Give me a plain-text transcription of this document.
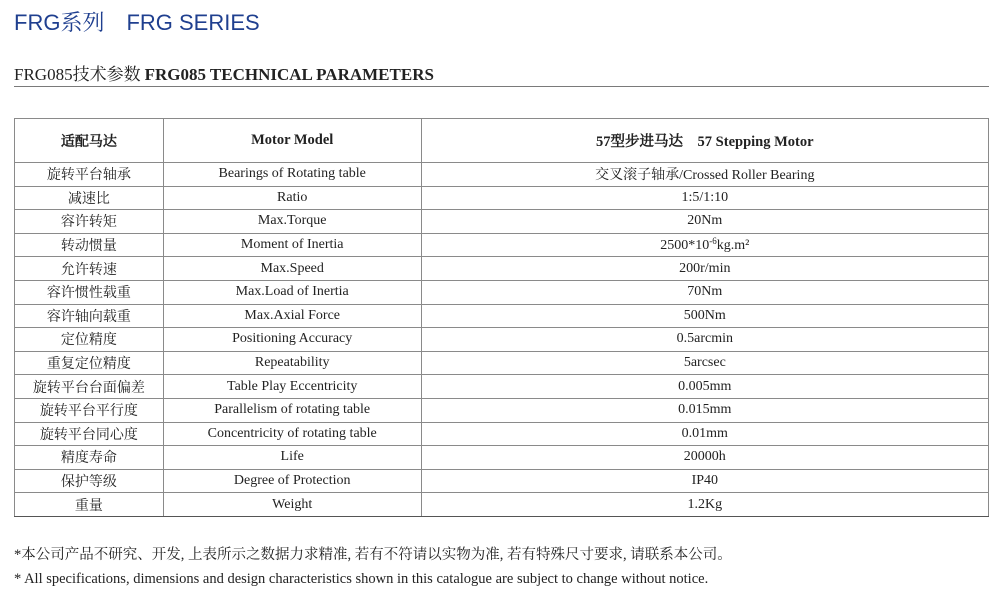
FRG系列 FRG SERIES
FRG085技术参数 FRG085 TECHNICAL PARAMETERS
适配马达	Motor Model	57型步进马达　57 Stepping Motor
旋转平台轴承	Bearings of Rotating table	交叉滚子轴承/Crossed Roller Bearing
减速比	Ratio	1:5/1:10
容许转矩	Max.Torque	20Nm
转动惯量	Moment of Inertia	$2500*10^{-6}kg.m^2$
允许转速	Max.Speed	200r/min
容许惯性载重	Max.Load of Inertia	70Nm
容许轴向载重	Max.Axial Force	500Nm
定位精度	Positioning Accuracy	0.5arcmin
重复定位精度	Repeatability	5arcsec
旋转平台台面偏差	Table Play Eccentricity	0.005mm
旋转平台平行度	Parallelism of rotating table	0.015mm
旋转平台同心度	Concentricity of rotating table	0.01mm
精度寿命	Life	20000h
保护等级	Degree of Protection	IP40
重量	Weight	1.2Kg
*本公司产品不研究、开发, 上表所示之数据力求精准, 若有不符请以实物为准, 若有特殊尺寸要求, 请联系本公司。
* All specifications, dimensions and design characteristics shown in this catalogue are subject to change without notice.
